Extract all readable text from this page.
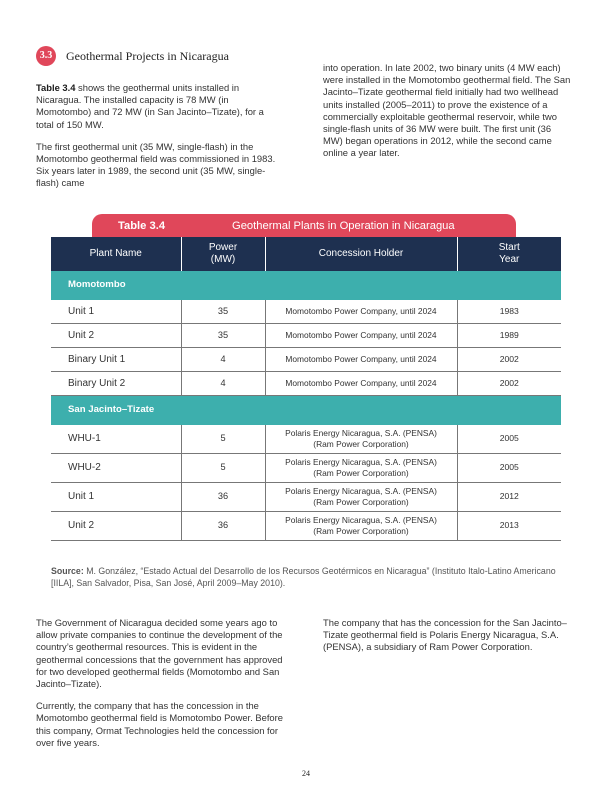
3.3	Geothermal Projects in Nicaragua

Table 3.4 shows the geothermal units installed in Nicaragua. The installed capacity is 78 MW (in Momotombo) and 72 MW (in San Jacinto–Tizate), for a total of 150 MW.

The first geothermal unit (35 MW, single-flash) in the Momotombo geothermal field was commissioned in 1983. Six years later in 1989, the second unit (35 MW, single-flash) came

into operation. In late 2002, two binary units (4 MW each) were installed in the Momotombo geothermal field. The San Jacinto–Tizate geothermal field initially had two wellhead units installed (2005–2011) to prove the existence of a commercially exploitable geothermal reservoir, while two single-flash units of 36 MW were built. The first unit (36 MW) began operations in 2012, while the second came online a year later.

Table 3.4	Geothermal Plants in Operation in Nicaragua
Plant Name	Power
(MW)	Concession Holder	Start
Year
Momotombo			
Unit 1	35	Momotombo Power Company, until 2024	1983
Unit 2	35	Momotombo Power Company, until 2024	1989
Binary Unit 1	4	Momotombo Power Company, until 2024	2002
Binary Unit 2	4	Momotombo Power Company, until 2024	2002
San Jacinto–Tizate			
WHU-1	5	Polaris Energy Nicaragua, S.A. (PENSA)
(Ram Power Corporation)	2005
WHU-2	5	Polaris Energy Nicaragua, S.A. (PENSA)
(Ram Power Corporation)	2005
Unit 1	36	Polaris Energy Nicaragua, S.A. (PENSA)
(Ram Power Corporation)	2012
Unit 2	36	Polaris Energy Nicaragua, S.A. (PENSA)
(Ram Power Corporation)	2013
Source: M. González, “Estado Actual del Desarrollo de los Recursos Geotérmicos en Nicaragua” (Instituto Italo-Latino Americano [IILA], San Salvador, Pisa, San José, April 2009–May 2010).

The Government of Nicaragua decided some years ago to allow private companies to continue the development of the country’s geothermal resources. This is evident in the geothermal concessions that the government has approved for two developed geothermal fields (Momotombo and San Jacinto–Tizate).

Currently, the company that has the concession in the Momotombo geothermal field is Momotombo Power. Before this company, Ormat Technologies held the concession for over five years.

The company that has the concession for the San Jacinto–Tizate geothermal field is Polaris Energy Nicaragua, S.A. (PENSA), a subsidiary of Ram Power Corporation.

24
